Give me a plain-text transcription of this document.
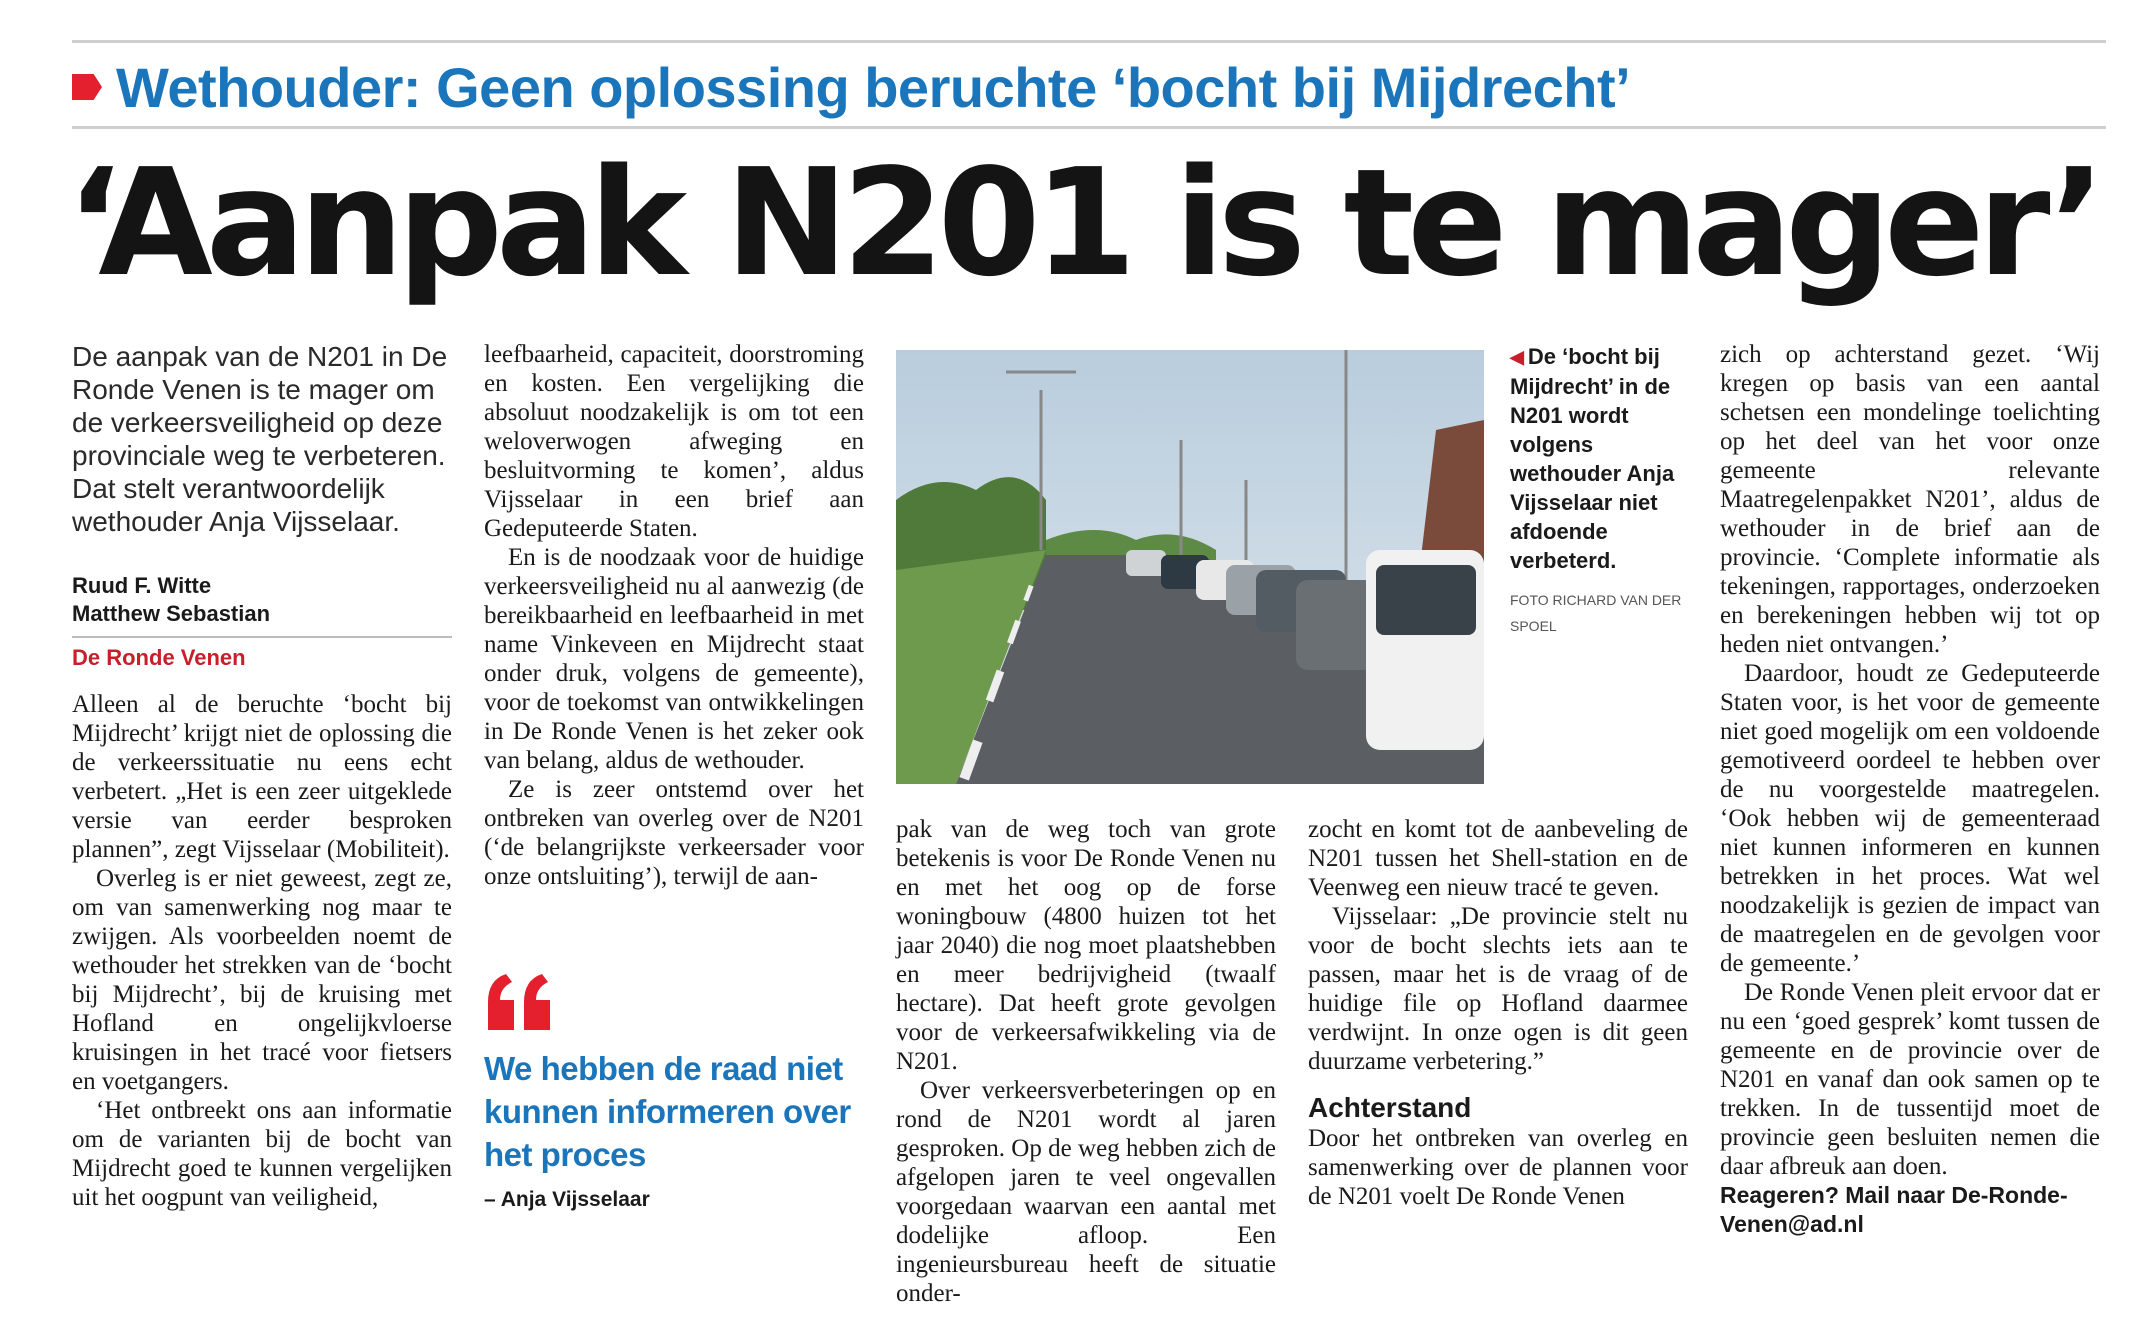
Wethouder: Geen oplossing beruchte ‘bocht bij Mijdrecht’
‘Aanpak N201 is te mager’

De aanpak van de N201 in De Ronde Venen is te mager om de verkeersveiligheid op deze provinciale weg te verbeteren. Dat stelt verantwoordelijk wethouder Anja Vijsselaar.

Ruud F. Witte
Matthew Sebastian
De Ronde Venen

Alleen al de beruchte ‘bocht bij Mijdrecht’ krijgt niet de oplossing die de verkeerssituatie nu eens echt verbetert. „Het is een zeer uitgeklede versie van eerder besproken plannen”, zegt Vijsselaar (Mobiliteit).

Overleg is er niet geweest, zegt ze, om van samenwerking nog maar te zwijgen. Als voorbeelden noemt de wethouder het strekken van de ‘bocht bij Mijdrecht’, bij de kruising met Hofland en ongelijkvloerse kruisingen in het tracé voor fietsers en voetgangers.

‘Het ontbreekt ons aan informatie om de varianten bij de bocht van Mijdrecht goed te kunnen vergelijken uit het oogpunt van veiligheid,

leefbaarheid, capaciteit, doorstroming en kosten. Een vergelijking die absoluut noodzakelijk is om tot een weloverwogen afweging en besluitvorming te komen’, aldus Vijsselaar in een brief aan Gedeputeerde Staten.

En is de noodzaak voor de huidige verkeersveiligheid nu al aanwezig (de bereikbaarheid en leefbaarheid in met name Vinkeveen en Mijdrecht staat onder druk, volgens de gemeente), voor de toekomst van ontwikkelingen in De Ronde Venen is het zeker ook van belang, aldus de wethouder.

Ze is zeer ontstemd over het ontbreken van overleg over de N201 (‘de belangrijkste verkeersader voor onze ontsluiting’), terwijl de aan-

We hebben de raad niet kunnen informeren over het proces
– Anja Vijsselaar
◀ De ‘bocht bij Mijdrecht’ in de N201 wordt volgens wethouder Anja Vijsselaar niet afdoende verbeterd.
FOTO RICHARD VAN DER SPOEL

pak van de weg toch van grote betekenis is voor De Ronde Venen nu en met het oog op de forse woningbouw (4800 huizen tot het jaar 2040) die nog moet plaatshebben en meer bedrijvigheid (twaalf hectare). Dat heeft grote gevolgen voor de verkeersafwikkeling via de N201.

Over verkeersverbeteringen op en rond de N201 wordt al jaren gesproken. Op de weg hebben zich de afgelopen jaren te veel ongevallen voorgedaan waarvan een aantal met dodelijke afloop. Een ingenieursbureau heeft de situatie onder-

zocht en komt tot de aanbeveling de N201 tussen het Shell-station en de Veenweg een nieuw tracé te geven.

Vijsselaar: „De provincie stelt nu voor de bocht slechts iets aan te passen, maar het is de vraag of de huidige file op Hofland daarmee verdwijnt. In onze ogen is dit geen duurzame verbetering.”

Achterstand

Door het ontbreken van overleg en samenwerking over de plannen voor de N201 voelt De Ronde Venen

zich op achterstand gezet. ‘Wij kregen op basis van een aantal schetsen een mondelinge toelichting op het deel van het voor onze gemeente relevante Maatregelenpakket N201’, aldus de wethouder in de brief aan de provincie. ‘Complete informatie als tekeningen, rapportages, onderzoeken en berekeningen hebben wij tot op heden niet ontvangen.’

Daardoor, houdt ze Gedeputeerde Staten voor, is het voor de gemeente niet goed mogelijk om een voldoende gemotiveerd oordeel te hebben over de nu voorgestelde maatregelen. ‘Ook hebben wij de gemeenteraad niet kunnen informeren en kunnen betrekken in het proces. Wat wel noodzakelijk is gezien de impact van de maatregelen en de gevolgen voor de gemeente.’

De Ronde Venen pleit ervoor dat er nu een ‘goed gesprek’ komt tussen de gemeente en de provincie over de N201 en vanaf dan ook samen op te trekken. In de tussentijd moet de provincie geen besluiten nemen die daar afbreuk aan doen.

Reageren? Mail naar De-Ronde-Venen@ad.nl
